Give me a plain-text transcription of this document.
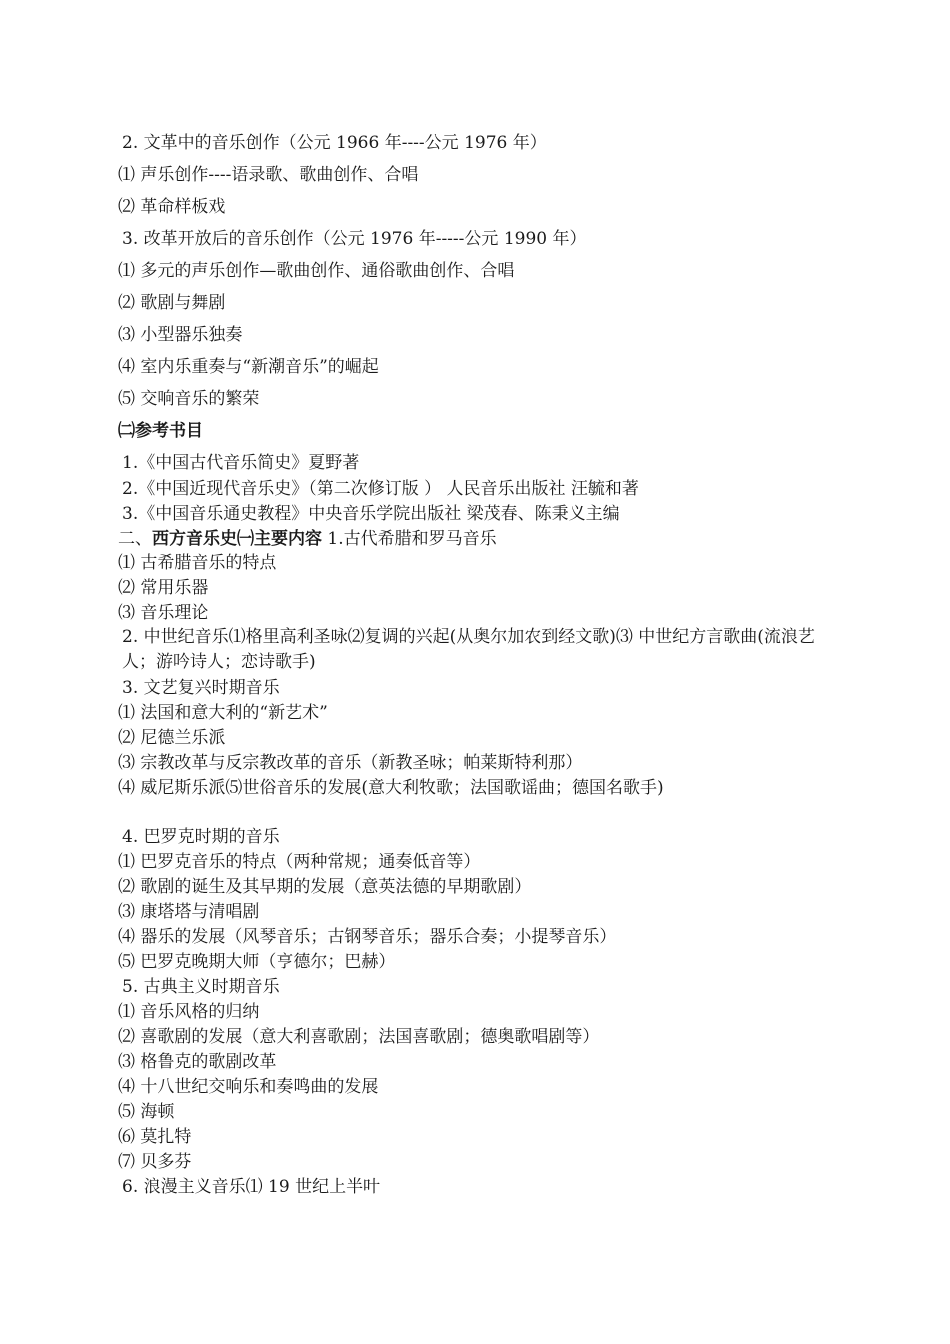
2. 文革中的音乐创作（公元 1966 年----公元 1976 年）
⑴ 声乐创作----语录歌、歌曲创作、合唱
⑵ 革命样板戏
3. 改革开放后的音乐创作（公元 1976 年-----公元 1990 年）
⑴ 多元的声乐创作—歌曲创作、通俗歌曲创作、合唱
⑵ 歌剧与舞剧
⑶ 小型器乐独奏
⑷ 室内乐重奏与“新潮音乐”的崛起
⑸ 交响音乐的繁荣
㈡参考书目
1.《中国古代音乐简史》夏野著
2.《中国近现代音乐史》（第二次修订版 ） 人民音乐出版社 汪毓和著
3.《中国音乐通史教程》中央音乐学院出版社 梁茂春、陈秉义主编
二、西方音乐史㈠主要内容 1.古代希腊和罗马音乐
⑴ 古希腊音乐的特点
⑵ 常用乐器
⑶ 音乐理论
2. 中世纪音乐⑴格里高利圣咏⑵复调的兴起(从奥尔加农到经文歌)⑶ 中世纪方言歌曲(流浪艺人；游吟诗人；恋诗歌手)
3. 文艺复兴时期音乐
⑴ 法国和意大利的“新艺术”
⑵ 尼德兰乐派
⑶ 宗教改革与反宗教改革的音乐（新教圣咏；帕莱斯特利那）
⑷ 威尼斯乐派⑸世俗音乐的发展(意大利牧歌；法国歌谣曲；德国名歌手)
4. 巴罗克时期的音乐
⑴ 巴罗克音乐的特点（两种常规；通奏低音等）
⑵ 歌剧的诞生及其早期的发展（意英法德的早期歌剧）
⑶ 康塔塔与清唱剧
⑷ 器乐的发展（风琴音乐；古钢琴音乐；器乐合奏；小提琴音乐）
⑸ 巴罗克晚期大师（亨德尔；巴赫）
5. 古典主义时期音乐
⑴ 音乐风格的归纳
⑵ 喜歌剧的发展（意大利喜歌剧；法国喜歌剧；德奥歌唱剧等）
⑶ 格鲁克的歌剧改革
⑷ 十八世纪交响乐和奏鸣曲的发展
⑸ 海顿
⑹ 莫扎特
⑺ 贝多芬
6. 浪漫主义音乐⑴ 19 世纪上半叶
